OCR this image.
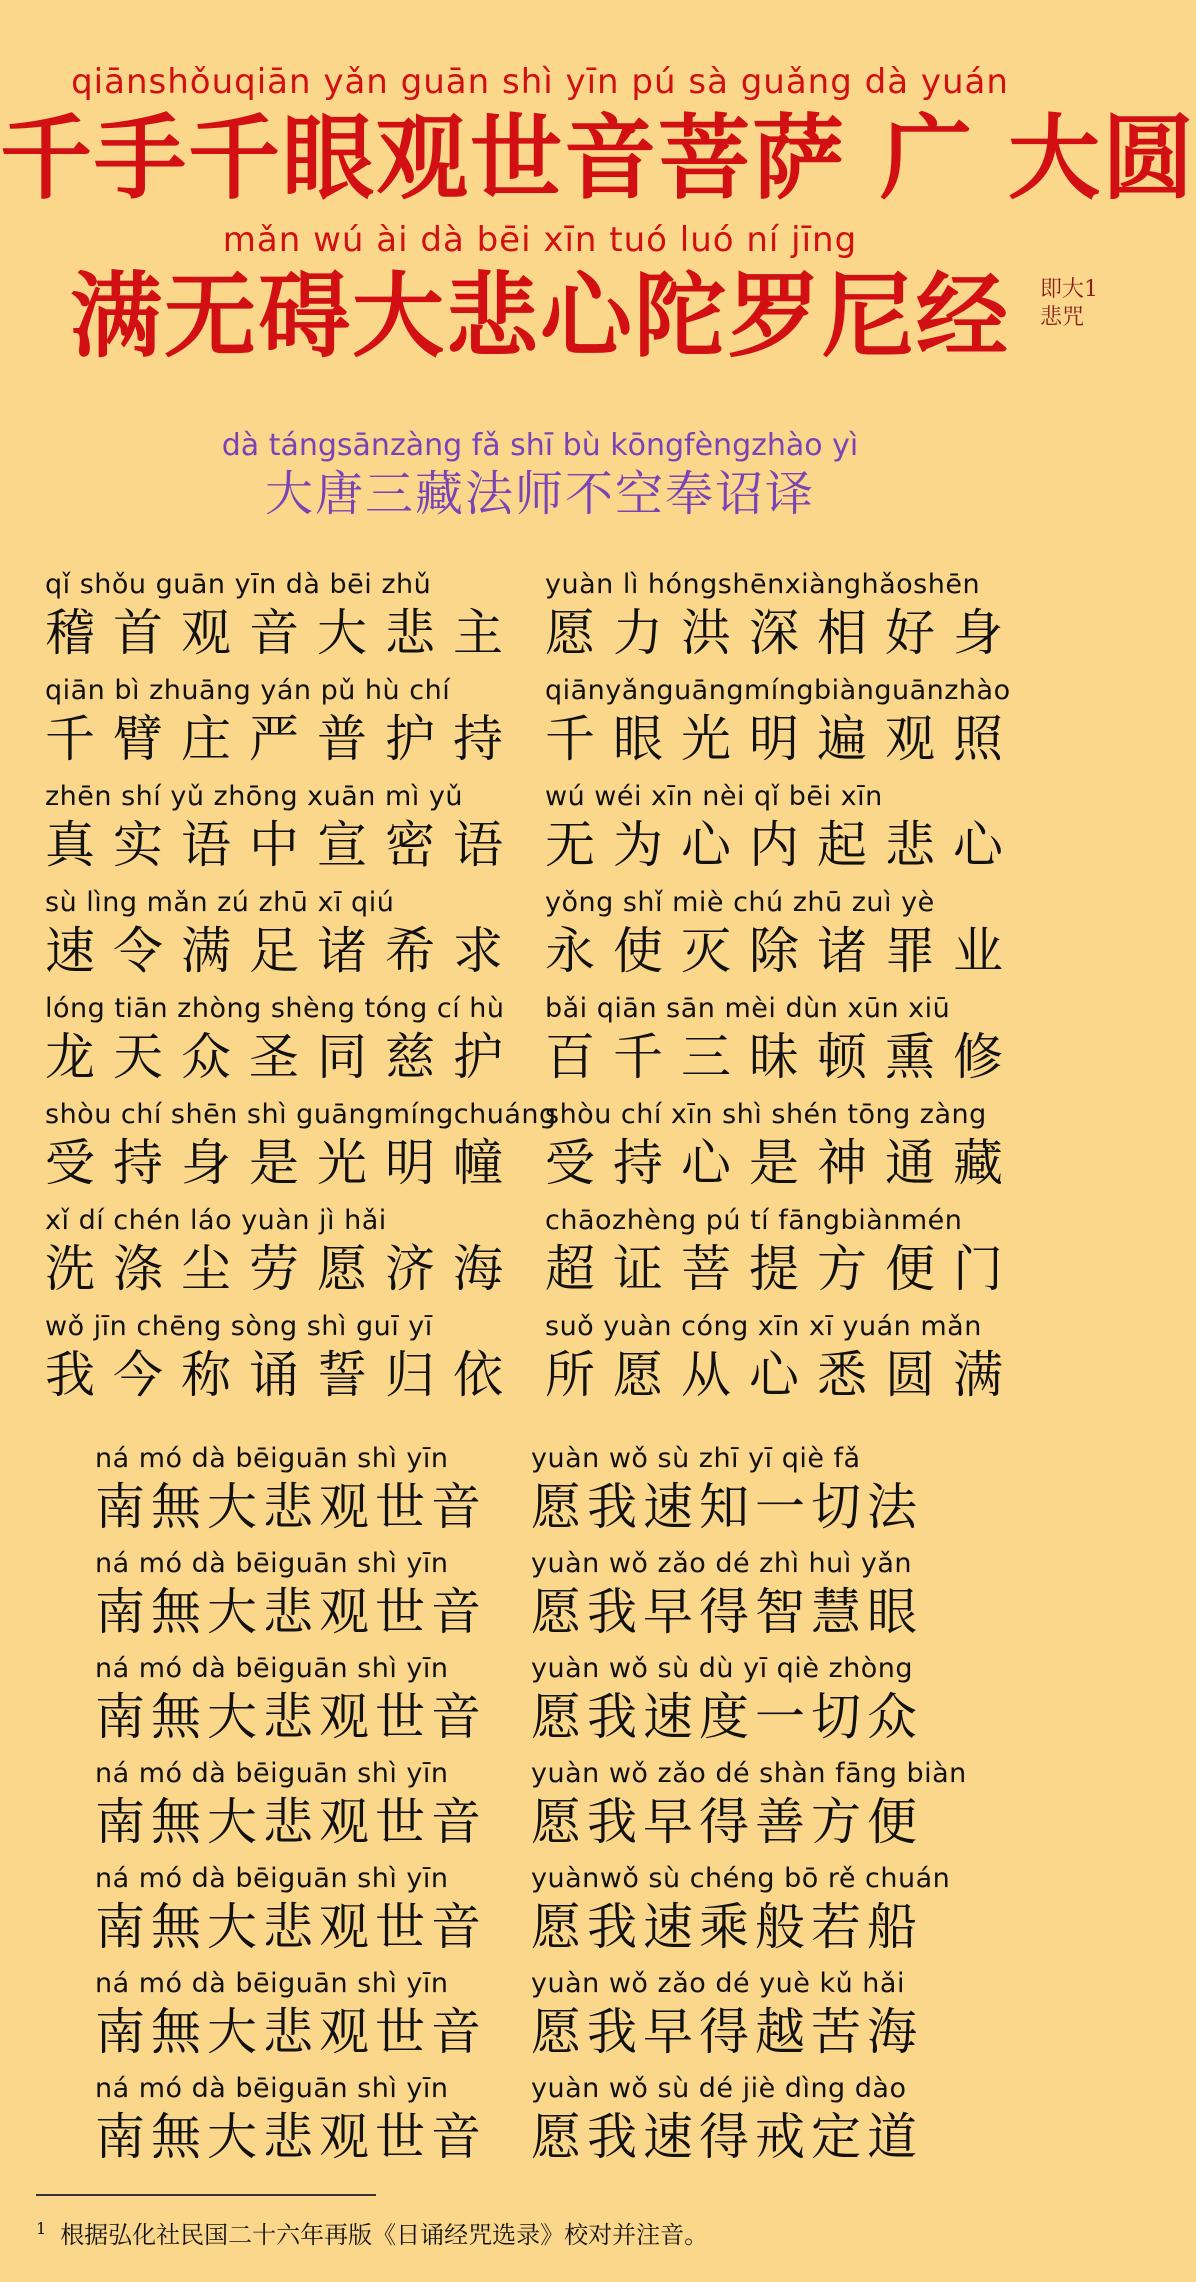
qiānshǒuqiān yǎn guān shì yīn pú sà guǎng dà yuán
千手千眼观世音菩萨 广 大圆
mǎn wú ài dà bēi xīn tuó luó ní jīng
满无碍大悲心陀罗尼经 即大1
悲咒
dà tángsānzàng fǎ shī bù kōngfèngzhào yì
大唐三藏法师不空奉诏译
qǐ shǒu guān yīn dà bēi zhǔ
稽首观音大悲主
yuàn lì hóngshēnxiànghǎoshēn
愿力洪深相好身
qiān bì zhuāng yán pǔ hù chí
千臂庄严普护持
qiānyǎnguāngmíngbiànguānzhào
千眼光明遍观照
zhēn shí yǔ zhōng xuān mì yǔ
真实语中宣密语
wú wéi xīn nèi qǐ bēi xīn
无为心内起悲心
sù lìng mǎn zú zhū xī qiú
速令满足诸希求
yǒng shǐ miè chú zhū zuì yè
永使灭除诸罪业
lóng tiān zhòng shèng tóng cí hù
龙天众圣同慈护
bǎi qiān sān mèi dùn xūn xiū
百千三昧顿熏修
shòu chí shēn shì guāngmíngchuáng
受持身是光明幢
shòu chí xīn shì shén tōng zàng
受持心是神通藏
xǐ dí chén láo yuàn jì hǎi
洗涤尘劳愿济海
chāozhèng pú tí fāngbiànmén
超证菩提方便门
wǒ jīn chēng sòng shì guī yī
我今称诵誓归依
suǒ yuàn cóng xīn xī yuán mǎn
所愿从心悉圆满
ná mó dà bēiguān shì yīn
南無大悲观世音
yuàn wǒ sù zhī yī qiè fǎ
愿我速知一切法
ná mó dà bēiguān shì yīn
南無大悲观世音
yuàn wǒ zǎo dé zhì huì yǎn
愿我早得智慧眼
ná mó dà bēiguān shì yīn
南無大悲观世音
yuàn wǒ sù dù yī qiè zhòng
愿我速度一切众
ná mó dà bēiguān shì yīn
南無大悲观世音
yuàn wǒ zǎo dé shàn fāng biàn
愿我早得善方便
ná mó dà bēiguān shì yīn
南無大悲观世音
yuànwǒ sù chéng bō rě chuán
愿我速乘般若船
ná mó dà bēiguān shì yīn
南無大悲观世音
yuàn wǒ zǎo dé yuè kǔ hǎi
愿我早得越苦海
ná mó dà bēiguān shì yīn
南無大悲观世音
yuàn wǒ sù dé jiè dìng dào
愿我速得戒定道
$^1$ 根据弘化社民国二十六年再版《日诵经咒选录》校对并注音。
